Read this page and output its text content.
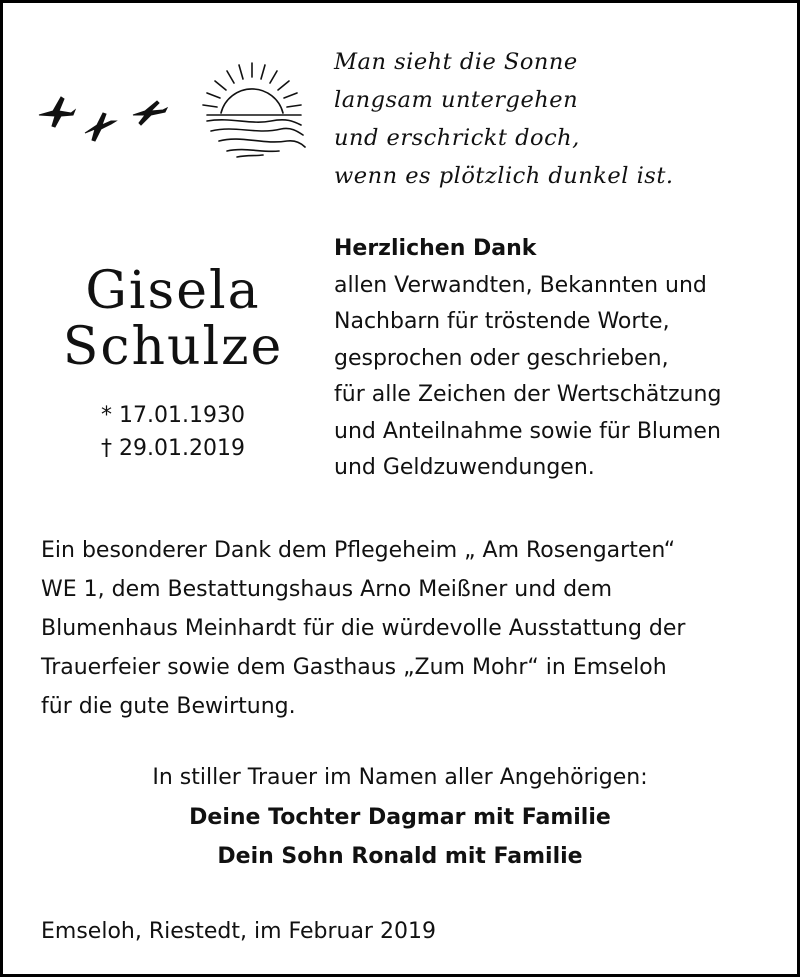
Man sieht die Sonne
langsam untergehen
und erschrickt doch,
wenn es plötzlich dunkel ist.
Gisela
Schulze
* 17.01.1930
† 29.01.2019
Herzlichen Dank
allen Verwandten, Bekannten und
Nachbarn für tröstende Worte,
gesprochen oder geschrieben,
für alle Zeichen der Wertschätzung
und Anteilnahme sowie für Blumen
und Geldzuwendungen.
Ein besonderer Dank dem Pflegeheim „ Am Rosengarten“
WE 1, dem Bestattungshaus Arno Meißner und dem
Blumenhaus Meinhardt für die würdevolle Ausstattung der
Trauerfeier sowie dem Gasthaus „Zum Mohr“ in Emseloh
für die gute Bewirtung.
In stiller Trauer im Namen aller Angehörigen:
Deine Tochter Dagmar mit Familie
Dein Sohn Ronald mit Familie
Emseloh, Riestedt, im Februar 2019
